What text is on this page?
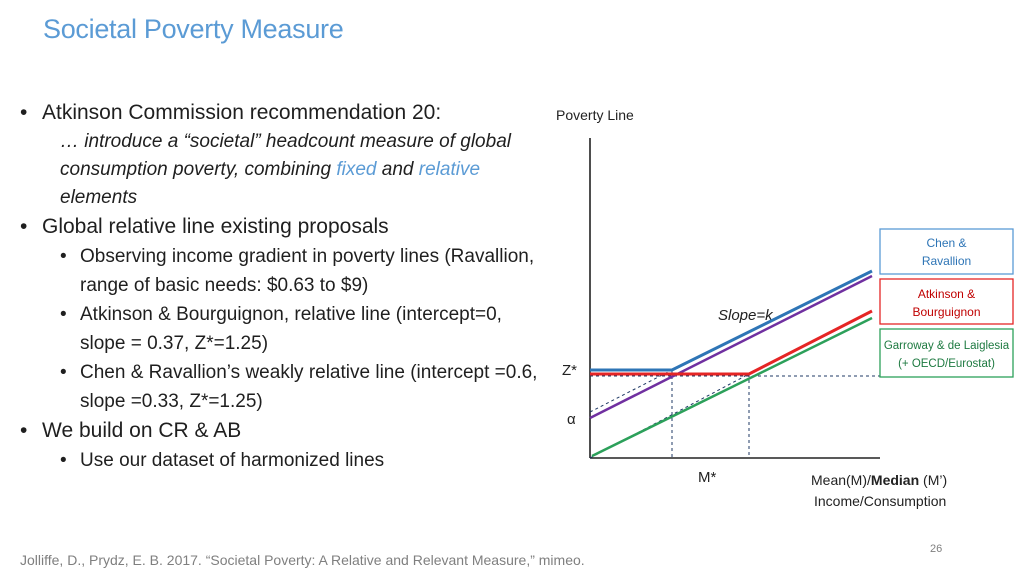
Societal Poverty Measure
• Atkinson Commission recommendation 20:
… introduce a “societal” headcount measure of global consumption poverty, combining fixed and relative elements
• Global relative line existing proposals
• Observing income gradient in poverty lines (Ravallion, range of basic needs: $0.63 to $9)
• Atkinson & Bourguignon, relative line (intercept=0, slope = 0.37, Z*=1.25)
• Chen & Ravallion’s weakly relative line (intercept =0.6, slope =0.33, Z*=1.25)
• We build on CR & AB
• Use our dataset of harmonized lines
Poverty Line
Z*
α
M*
Slope=k
Mean(M)/Median (M’)
Income/Consumption
Chen &
Ravallion
Atkinson &
Bourguignon
Garroway & de Laiglesia
(+ OECD/Eurostat)
26
Jolliffe, D., Prydz, E. B. 2017. “Societal Poverty: A Relative and Relevant Measure,” mimeo.
